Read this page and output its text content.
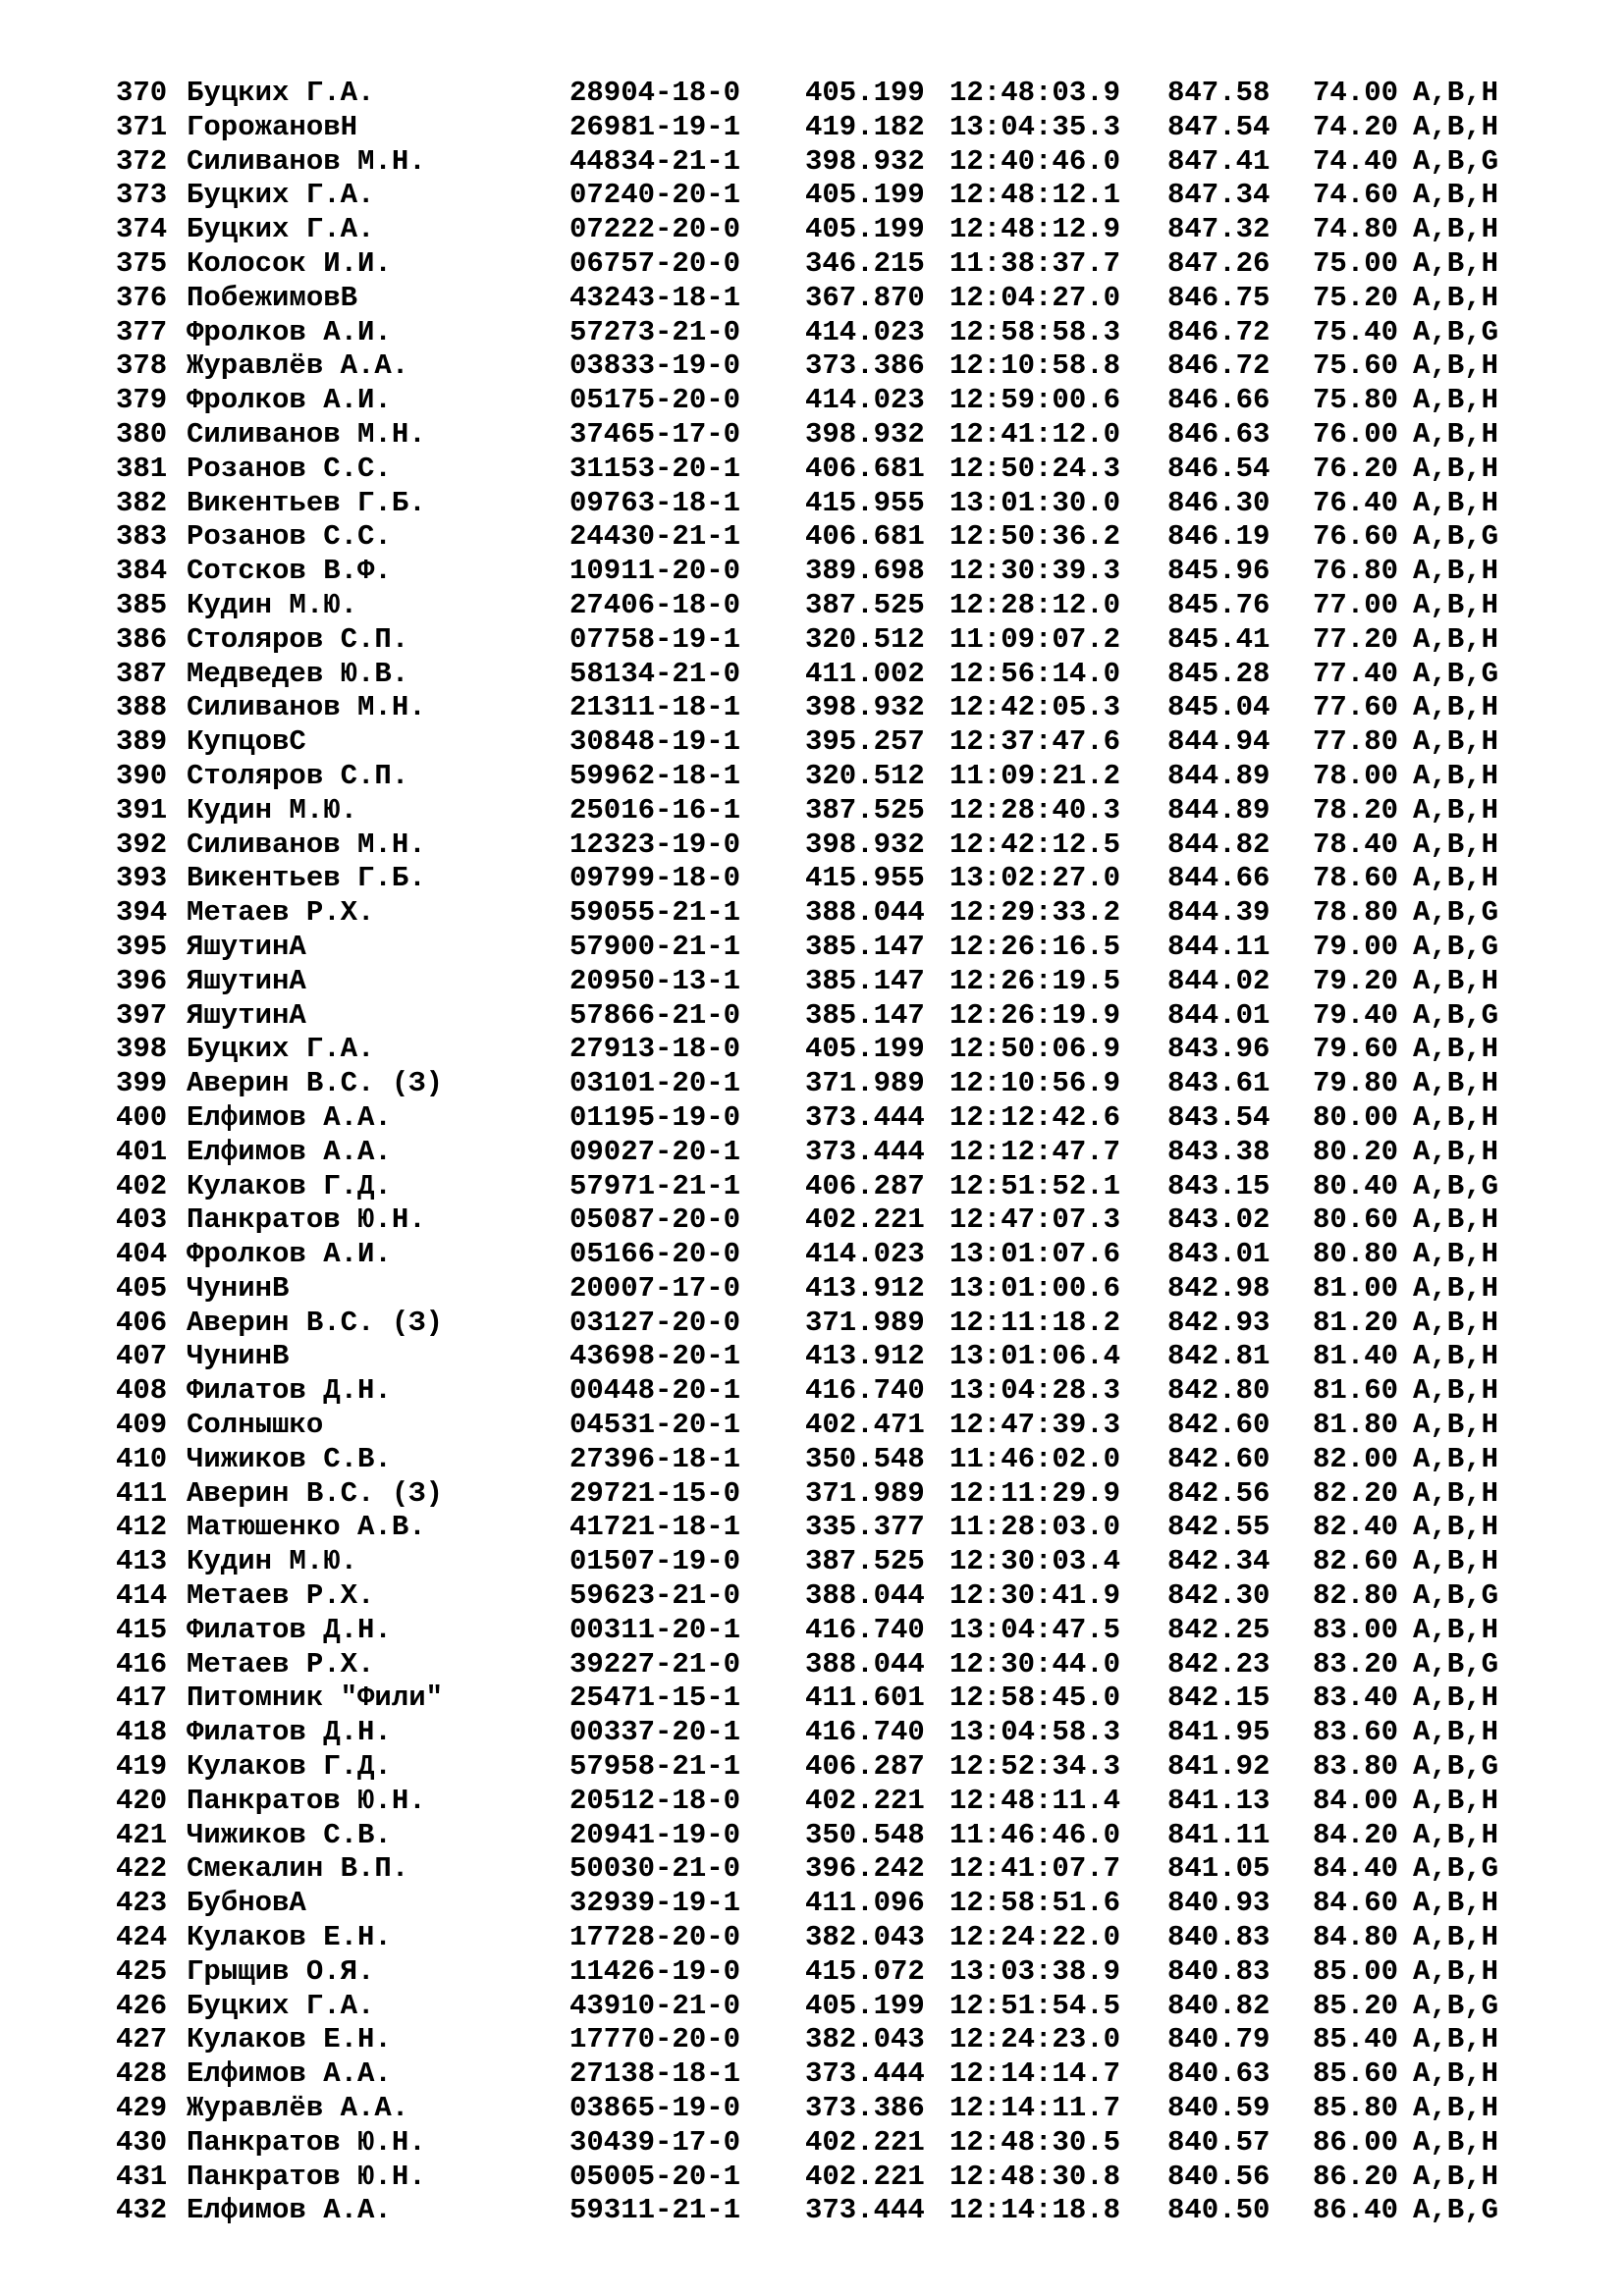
370 Буцких Г.А.	28904-18-0 405.199 12:48:03.9 847.58 74.00 A,B,H
371 ГорожановН	26981-19-1 419.182 13:04:35.3 847.54 74.20 A,B,H
372 Силиванов М.Н.	44834-21-1 398.932 12:40:46.0 847.41 74.40 A,B,G
373 Буцких Г.А.	07240-20-1 405.199 12:48:12.1 847.34 74.60 A,B,H
374 Буцких Г.А.	07222-20-0 405.199 12:48:12.9 847.32 74.80 A,B,H
375 Колосок И.И.	06757-20-0 346.215 11:38:37.7 847.26 75.00 A,B,H
376 ПобежимовВ	43243-18-1 367.870 12:04:27.0 846.75 75.20 A,B,H
377 Фролков А.И.	57273-21-0 414.023 12:58:58.3 846.72 75.40 A,B,G
378 Журавлёв А.А.	03833-19-0 373.386 12:10:58.8 846.72 75.60 A,B,H
379 Фролков А.И.	05175-20-0 414.023 12:59:00.6 846.66 75.80 A,B,H
380 Силиванов М.Н.	37465-17-0 398.932 12:41:12.0 846.63 76.00 A,B,H
381 Розанов С.С.	31153-20-1 406.681 12:50:24.3 846.54 76.20 A,B,H
382 Викентьев Г.Б.	09763-18-1 415.955 13:01:30.0 846.30 76.40 A,B,H
383 Розанов С.С.	24430-21-1 406.681 12:50:36.2 846.19 76.60 A,B,G
384 Сотсков В.Ф.	10911-20-0 389.698 12:30:39.3 845.96 76.80 A,B,H
385 Кудин М.Ю.	27406-18-0 387.525 12:28:12.0 845.76 77.00 A,B,H
386 Столяров С.П.	07758-19-1 320.512 11:09:07.2 845.41 77.20 A,B,H
387 Медведев Ю.В.	58134-21-0 411.002 12:56:14.0 845.28 77.40 A,B,G
388 Силиванов М.Н.	21311-18-1 398.932 12:42:05.3 845.04 77.60 A,B,H
389 КупцовС	30848-19-1 395.257 12:37:47.6 844.94 77.80 A,B,H
390 Столяров С.П.	59962-18-1 320.512 11:09:21.2 844.89 78.00 A,B,H
391 Кудин М.Ю.	25016-16-1 387.525 12:28:40.3 844.89 78.20 A,B,H
392 Силиванов М.Н.	12323-19-0 398.932 12:42:12.5 844.82 78.40 A,B,H
393 Викентьев Г.Б.	09799-18-0 415.955 13:02:27.0 844.66 78.60 A,B,H
394 Метаев Р.Х.	59055-21-1 388.044 12:29:33.2 844.39 78.80 A,B,G
395 ЯшутинА	57900-21-1 385.147 12:26:16.5 844.11 79.00 A,B,G
396 ЯшутинА	20950-13-1 385.147 12:26:19.5 844.02 79.20 A,B,H
397 ЯшутинА	57866-21-0 385.147 12:26:19.9 844.01 79.40 A,B,G
398 Буцких Г.А.	27913-18-0 405.199 12:50:06.9 843.96 79.60 A,B,H
399 Аверин В.С. (З)	03101-20-1 371.989 12:10:56.9 843.61 79.80 A,B,H
400 Елфимов А.А.	01195-19-0 373.444 12:12:42.6 843.54 80.00 A,B,H
401 Елфимов А.А.	09027-20-1 373.444 12:12:47.7 843.38 80.20 A,B,H
402 Кулаков Г.Д.	57971-21-1 406.287 12:51:52.1 843.15 80.40 A,B,G
403 Панкратов Ю.Н.	05087-20-0 402.221 12:47:07.3 843.02 80.60 A,B,H
404 Фролков А.И.	05166-20-0 414.023 13:01:07.6 843.01 80.80 A,B,H
405 ЧунинВ	20007-17-0 413.912 13:01:00.6 842.98 81.00 A,B,H
406 Аверин В.С. (З)	03127-20-0 371.989 12:11:18.2 842.93 81.20 A,B,H
407 ЧунинВ	43698-20-1 413.912 13:01:06.4 842.81 81.40 A,B,H
408 Филатов Д.Н.	00448-20-1 416.740 13:04:28.3 842.80 81.60 A,B,H
409 Солнышко	04531-20-1 402.471 12:47:39.3 842.60 81.80 A,B,H
410 Чижиков С.В.	27396-18-1 350.548 11:46:02.0 842.60 82.00 A,B,H
411 Аверин В.С. (З)	29721-15-0 371.989 12:11:29.9 842.56 82.20 A,B,H
412 Матюшенко А.В.	41721-18-1 335.377 11:28:03.0 842.55 82.40 A,B,H
413 Кудин М.Ю.	01507-19-0 387.525 12:30:03.4 842.34 82.60 A,B,H
414 Метаев Р.Х.	59623-21-0 388.044 12:30:41.9 842.30 82.80 A,B,G
415 Филатов Д.Н.	00311-20-1 416.740 13:04:47.5 842.25 83.00 A,B,H
416 Метаев Р.Х.	39227-21-0 388.044 12:30:44.0 842.23 83.20 A,B,G
417 Питомник "Фили"	25471-15-1 411.601 12:58:45.0 842.15 83.40 A,B,H
418 Филатов Д.Н.	00337-20-1 416.740 13:04:58.3 841.95 83.60 A,B,H
419 Кулаков Г.Д.	57958-21-1 406.287 12:52:34.3 841.92 83.80 A,B,G
420 Панкратов Ю.Н.	20512-18-0 402.221 12:48:11.4 841.13 84.00 A,B,H
421 Чижиков С.В.	20941-19-0 350.548 11:46:46.0 841.11 84.20 A,B,H
422 Смекалин В.П.	50030-21-0 396.242 12:41:07.7 841.05 84.40 A,B,G
423 БубновА	32939-19-1 411.096 12:58:51.6 840.93 84.60 A,B,H
424 Кулаков Е.Н.	17728-20-0 382.043 12:24:22.0 840.83 84.80 A,B,H
425 Грыщив О.Я.	11426-19-0 415.072 13:03:38.9 840.83 85.00 A,B,H
426 Буцких Г.А.	43910-21-0 405.199 12:51:54.5 840.82 85.20 A,B,G
427 Кулаков Е.Н.	17770-20-0 382.043 12:24:23.0 840.79 85.40 A,B,H
428 Елфимов А.А.	27138-18-1 373.444 12:14:14.7 840.63 85.60 A,B,H
429 Журавлёв А.А.	03865-19-0 373.386 12:14:11.7 840.59 85.80 A,B,H
430 Панкратов Ю.Н.	30439-17-0 402.221 12:48:30.5 840.57 86.00 A,B,H
431 Панкратов Ю.Н.	05005-20-1 402.221 12:48:30.8 840.56 86.20 A,B,H
432 Елфимов А.А.	59311-21-1 373.444 12:14:18.8 840.50 86.40 A,B,G
